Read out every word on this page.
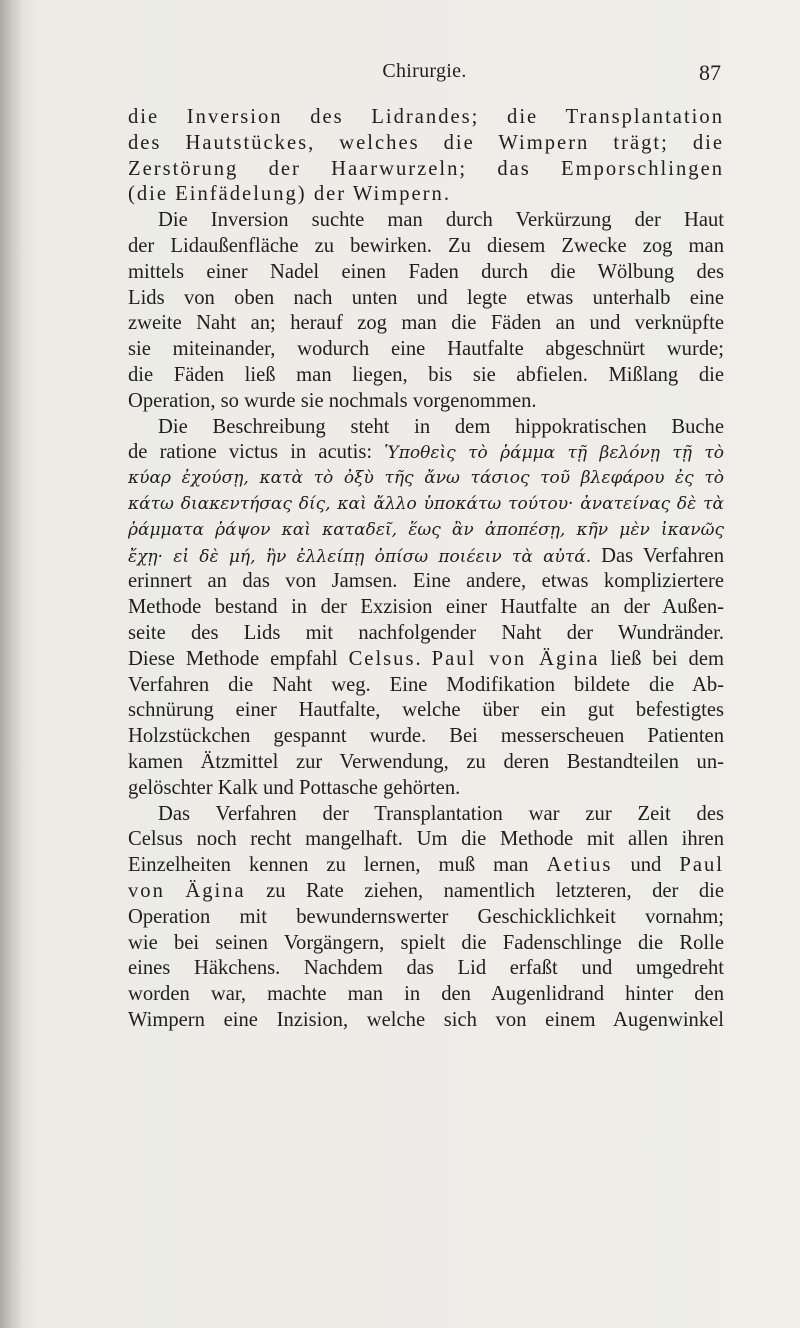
Chirurgie.	87
die Inversion des Lidrandes; die Transplantation
des Hautstückes, welches die Wimpern trägt; die
Zerstörung der Haarwurzeln; das Emporschlingen
(die Einfädelung) der Wimpern.
Die Inversion suchte man durch Verkürzung der Haut
der Lidaußenfläche zu bewirken. Zu diesem Zwecke zog man
mittels einer Nadel einen Faden durch die Wölbung des
Lids von oben nach unten und legte etwas unterhalb eine
zweite Naht an; herauf zog man die Fäden an und verknüpfte
sie miteinander, wodurch eine Hautfalte abgeschnürt wurde;
die Fäden ließ man liegen, bis sie abfielen. Mißlang die
Operation, so wurde sie nochmals vorgenommen.
Die Beschreibung steht in dem hippokratischen Buche
de ratione victus in acutis: Ὑποθεὶς τὸ ῥάμμα τῇ βελόνῃ τῇ τὸ
κύαρ ἐχούσῃ, κατὰ τὸ ὀξὺ τῆς ἄνω τάσιος τοῦ βλεφάρου ἐς τὸ
κάτω διακεντήσας δίς, καὶ ἄλλο ὑποκάτω τούτου· ἀνατείνας δὲ τὰ
ῥάμματα ῥάψον καὶ καταδεῖ, ἕως ἂν ἀποπέσῃ, κῆν μὲν ἱκανῶς
ἔχῃ· εἰ δὲ μή, ἢν ἐλλείπῃ ὀπίσω ποιέειν τὰ αὐτά. Das Verfahren
erinnert an das von Jamsen. Eine andere, etwas kompliziertere
Methode bestand in der Exzision einer Hautfalte an der Außen-
seite des Lids mit nachfolgender Naht der Wundränder.
Diese Methode empfahl Celsus. Paul von Ägina ließ bei dem
Verfahren die Naht weg. Eine Modifikation bildete die Ab-
schnürung einer Hautfalte, welche über ein gut befestigtes
Holzstückchen gespannt wurde. Bei messerscheuen Patienten
kamen Ätzmittel zur Verwendung, zu deren Bestandteilen un-
gelöschter Kalk und Pottasche gehörten.
Das Verfahren der Transplantation war zur Zeit des
Celsus noch recht mangelhaft. Um die Methode mit allen ihren
Einzelheiten kennen zu lernen, muß man Aetius und Paul
von Ägina zu Rate ziehen, namentlich letzteren, der die
Operation mit bewundernswerter Geschicklichkeit vornahm;
wie bei seinen Vorgängern, spielt die Fadenschlinge die Rolle
eines Häkchens. Nachdem das Lid erfaßt und umgedreht
worden war, machte man in den Augenlidrand hinter den
Wimpern eine Inzision, welche sich von einem Augenwinkel
